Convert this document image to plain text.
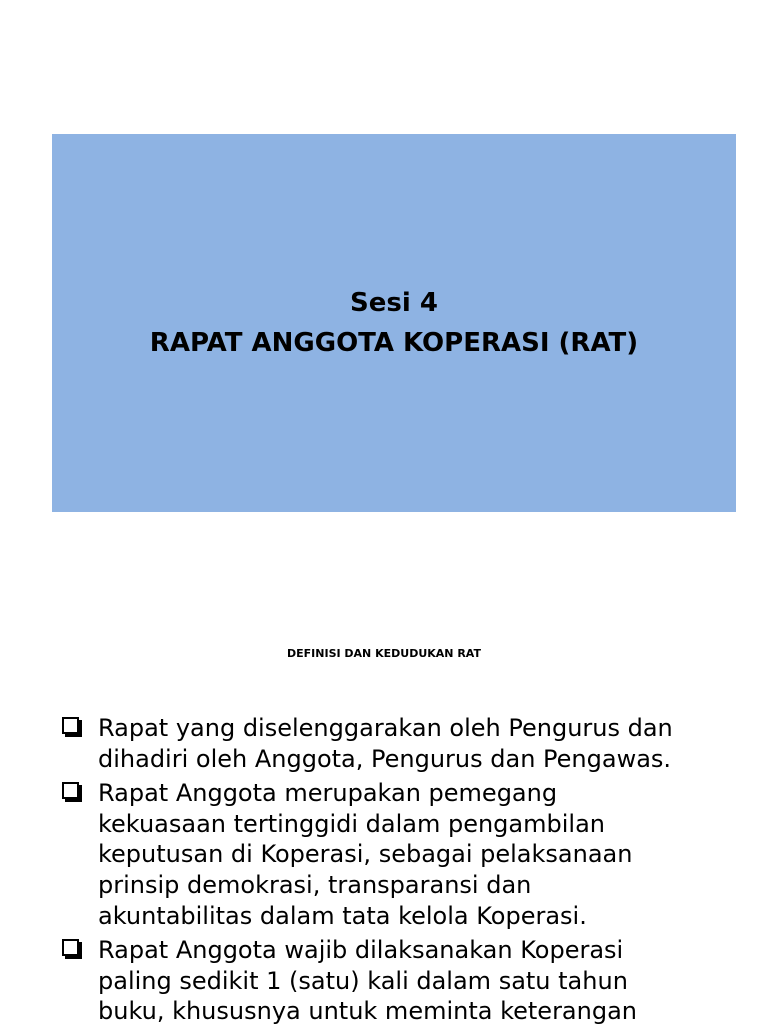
Sesi 4
RAPAT ANGGOTA KOPERASI (RAT)
DEFINISI DAN KEDUDUKAN RAT
Rapat yang diselenggarakan oleh Pengurus dan
dihadiri oleh Anggota, Pengurus dan Pengawas.
Rapat Anggota merupakan pemegang
kekuasaan tertinggidi dalam pengambilan
keputusan di Koperasi, sebagai pelaksanaan
prinsip demokrasi, transparansi dan
akuntabilitas dalam tata kelola Koperasi.
Rapat Anggota wajib dilaksanakan Koperasi
paling sedikit 1 (satu) kali dalam satu tahun
buku, khususnya untuk meminta keterangan
